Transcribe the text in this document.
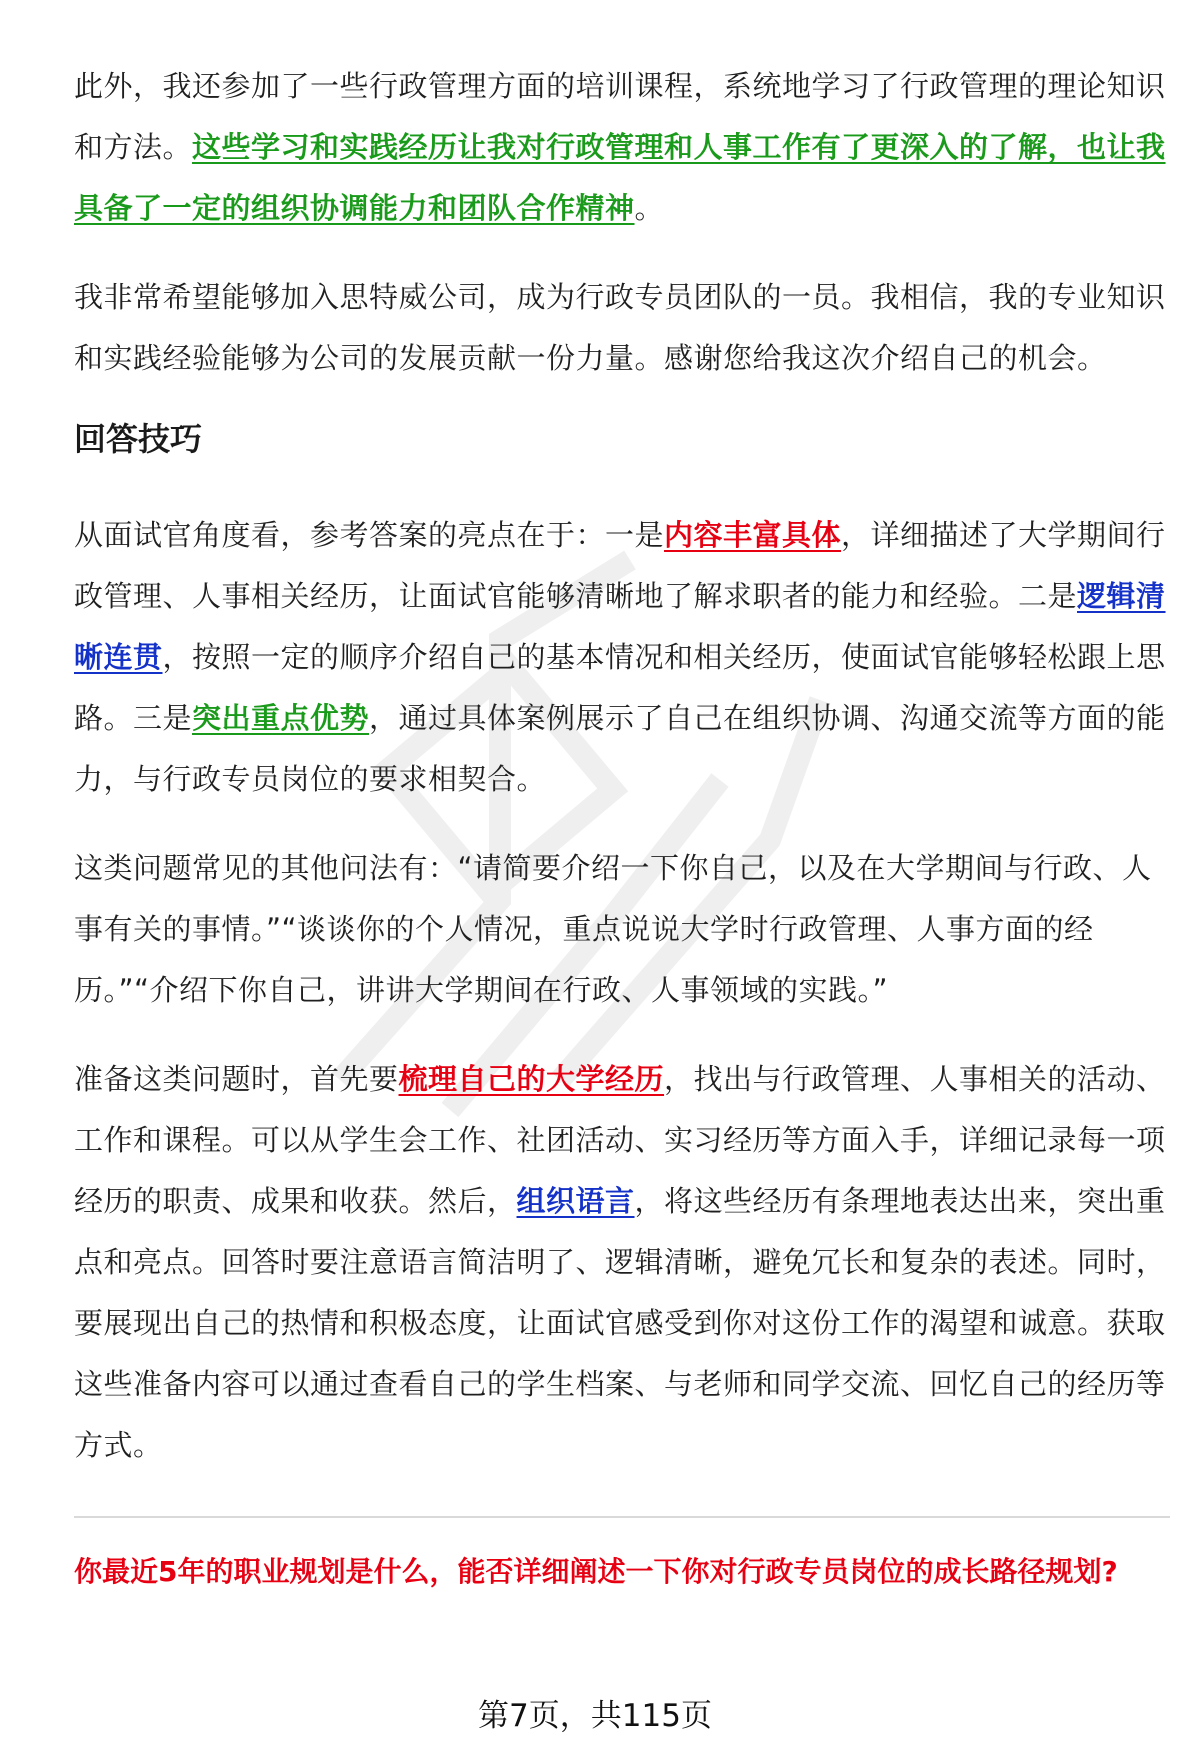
此外，我还参加了一些行政管理方面的培训课程，系统地学习了行政管理的理论知识和方法。这些学习和实践经历让我对行政管理和人事工作有了更深入的了解，也让我具备了一定的组织协调能力和团队合作精神。

我非常希望能够加入思特威公司，成为行政专员团队的一员。我相信，我的专业知识和实践经验能够为公司的发展贡献一份力量。感谢您给我这次介绍自己的机会。

回答技巧

从面试官角度看，参考答案的亮点在于：一是内容丰富具体，详细描述了大学期间行政管理、人事相关经历，让面试官能够清晰地了解求职者的能力和经验。二是逻辑清晰连贯，按照一定的顺序介绍自己的基本情况和相关经历，使面试官能够轻松跟上思路。三是突出重点优势，通过具体案例展示了自己在组织协调、沟通交流等方面的能力，与行政专员岗位的要求相契合。

这类问题常见的其他问法有：“请简要介绍一下你自己，以及在大学期间与行政、人事有关的事情。”“谈谈你的个人情况，重点说说大学时行政管理、人事方面的经历。”“介绍下你自己，讲讲大学期间在行政、人事领域的实践。”

准备这类问题时，首先要梳理自己的大学经历，找出与行政管理、人事相关的活动、工作和课程。可以从学生会工作、社团活动、实习经历等方面入手，详细记录每一项经历的职责、成果和收获。然后，组织语言，将这些经历有条理地表达出来，突出重点和亮点。回答时要注意语言简洁明了、逻辑清晰，避免冗长和复杂的表述。同时，要展现出自己的热情和积极态度，让面试官感受到你对这份工作的渴望和诚意。获取这些准备内容可以通过查看自己的学生档案、与老师和同学交流、回忆自己的经历等方式。

你最近5年的职业规划是什么，能否详细阐述一下你对行政专员岗位的成长路径规划?

第7页，共115页
